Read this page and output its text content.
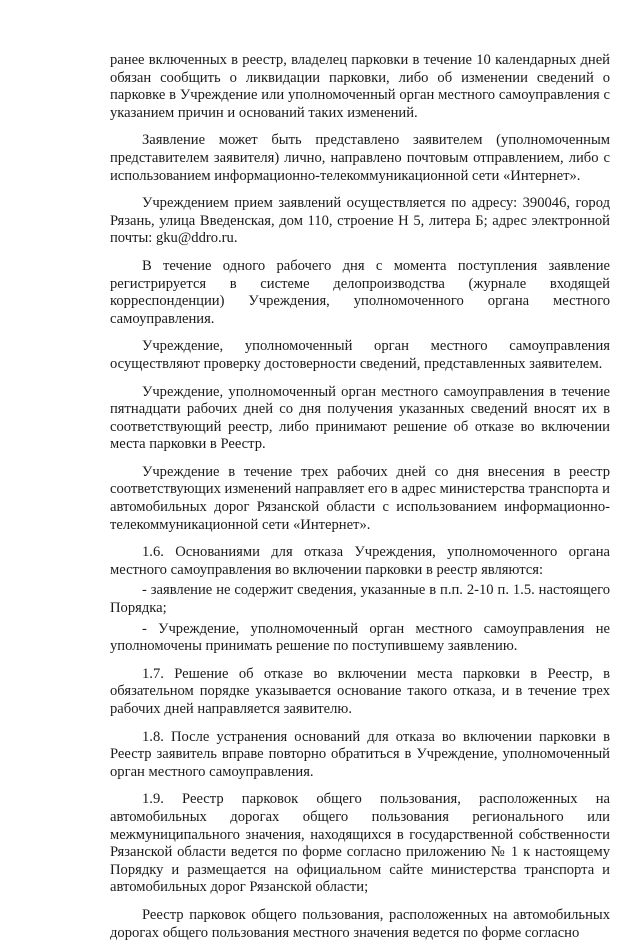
ранее включенных в реестр, владелец парковки в течение 10 календарных дней обязан сообщить о ликвидации парковки, либо об изменении сведений о парковке в Учреждение или уполномоченный орган местного самоуправления с указанием причин и оснований таких изменений.

Заявление может быть представлено заявителем (уполномоченным представителем заявителя) лично, направлено почтовым отправлением, либо с использованием информационно-телекоммуникационной сети «Интернет».

Учреждением прием заявлений осуществляется по адресу: 390046, город Рязань, улица Введенская, дом 110, строение Н 5, литера Б; адрес электронной почты: gku@ddro.ru.

В течение одного рабочего дня с момента поступления заявление регистрируется в системе делопроизводства (журнале входящей корреспонденции) Учреждения, уполномоченного органа местного самоуправления.

Учреждение, уполномоченный орган местного самоуправления осуществляют проверку достоверности сведений, представленных заявителем.

Учреждение, уполномоченный орган местного самоуправления в течение пятнадцати рабочих дней со дня получения указанных сведений вносят их в соответствующий реестр, либо принимают решение об отказе во включении места парковки в Реестр.

Учреждение в течение трех рабочих дней со дня внесения в реестр соответствующих изменений направляет его в адрес министерства транспорта и автомобильных дорог Рязанской области с использованием информационно-телекоммуникационной сети «Интернет».

1.6. Основаниями для отказа Учреждения, уполномоченного органа местного самоуправления во включении парковки в реестр являются:

- заявление не содержит сведения, указанные в п.п. 2-10 п. 1.5. настоящего Порядка;

- Учреждение, уполномоченный орган местного самоуправления не уполномочены принимать решение по поступившему заявлению.

1.7. Решение об отказе во включении места парковки в Реестр, в обязательном порядке указывается основание такого отказа, и в течение трех рабочих дней направляется заявителю.

1.8. После устранения оснований для отказа во включении парковки в Реестр заявитель вправе повторно обратиться в Учреждение, уполномоченный орган местного самоуправления.

1.9. Реестр парковок общего пользования, расположенных на автомобильных дорогах общего пользования регионального или межмуниципального значения, находящихся в государственной собственности Рязанской области ведется по форме согласно приложению № 1 к настоящему Порядку и размещается на официальном сайте министерства транспорта и автомобильных дорог Рязанской области;

Реестр парковок общего пользования, расположенных на автомобильных дорогах общего пользования местного значения ведется по форме согласно
